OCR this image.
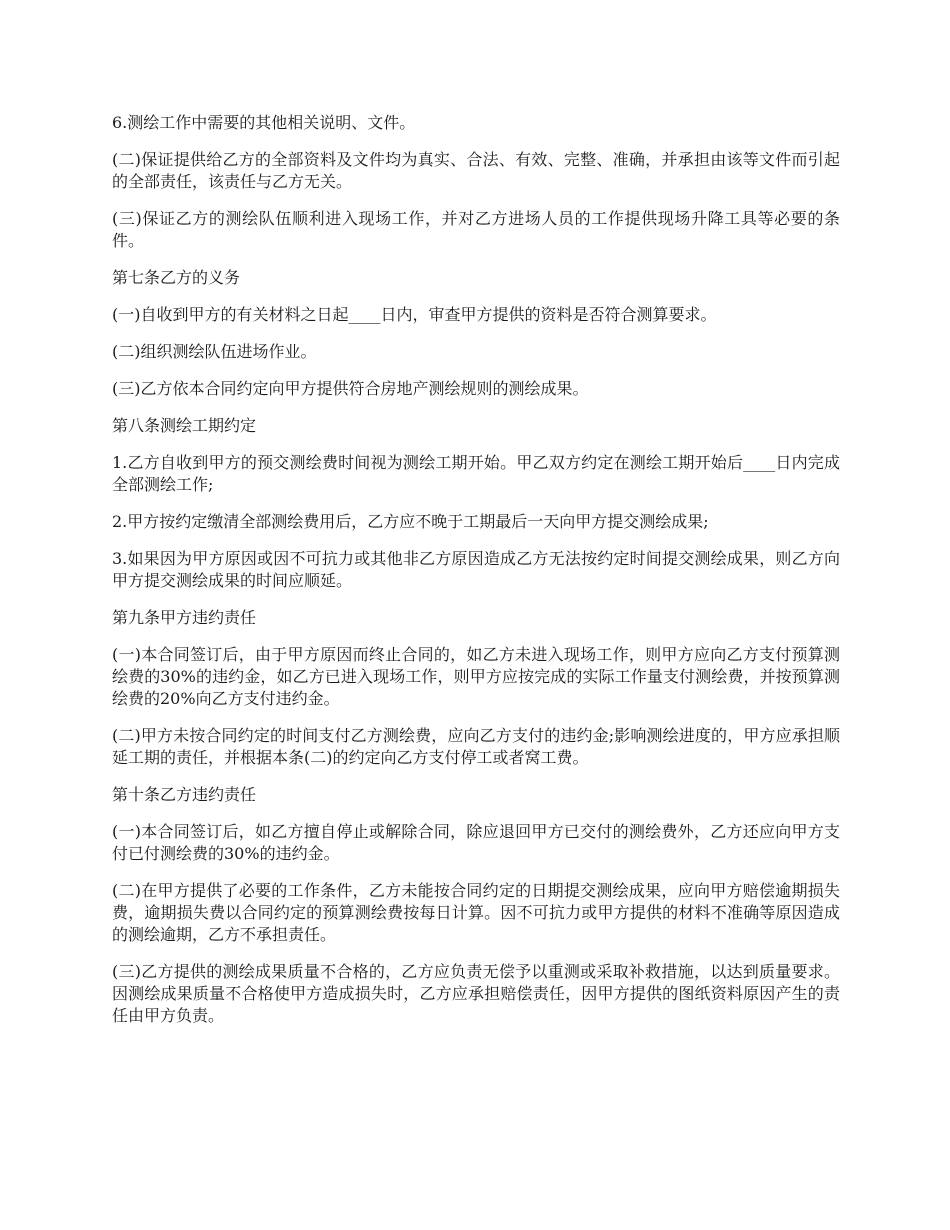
6.测绘工作中需要的其他相关说明、文件。

(二)保证提供给乙方的全部资料及文件均为真实、合法、有效、完整、准确，并承担由该等文件而引起的全部责任，该责任与乙方无关。

(三)保证乙方的测绘队伍顺利进入现场工作，并对乙方进场人员的工作提供现场升降工具等必要的条件。

第七条乙方的义务

(一)自收到甲方的有关材料之日起____日内，审查甲方提供的资料是否符合测算要求。

(二)组织测绘队伍进场作业。

(三)乙方依本合同约定向甲方提供符合房地产测绘规则的测绘成果。

第八条测绘工期约定

1.乙方自收到甲方的预交测绘费时间视为测绘工期开始。甲乙双方约定在测绘工期开始后____日内完成全部测绘工作;

2.甲方按约定缴清全部测绘费用后，乙方应不晚于工期最后一天向甲方提交测绘成果;

3.如果因为甲方原因或因不可抗力或其他非乙方原因造成乙方无法按约定时间提交测绘成果，则乙方向甲方提交测绘成果的时间应顺延。

第九条甲方违约责任

(一)本合同签订后，由于甲方原因而终止合同的，如乙方未进入现场工作，则甲方应向乙方支付预算测绘费的30%的违约金，如乙方已进入现场工作，则甲方应按完成的实际工作量支付测绘费，并按预算测绘费的20%向乙方支付违约金。

(二)甲方未按合同约定的时间支付乙方测绘费，应向乙方支付的违约金;影响测绘进度的，甲方应承担顺延工期的责任，并根据本条(二)的约定向乙方支付停工或者窝工费。

第十条乙方违约责任

(一)本合同签订后，如乙方擅自停止或解除合同，除应退回甲方已交付的测绘费外，乙方还应向甲方支付已付测绘费的30%的违约金。

(二)在甲方提供了必要的工作条件，乙方未能按合同约定的日期提交测绘成果，应向甲方赔偿逾期损失费，逾期损失费以合同约定的预算测绘费按每日计算。因不可抗力或甲方提供的材料不准确等原因造成的测绘逾期，乙方不承担责任。

(三)乙方提供的测绘成果质量不合格的，乙方应负责无偿予以重测或采取补救措施，以达到质量要求。因测绘成果质量不合格使甲方造成损失时，乙方应承担赔偿责任，因甲方提供的图纸资料原因产生的责任由甲方负责。
